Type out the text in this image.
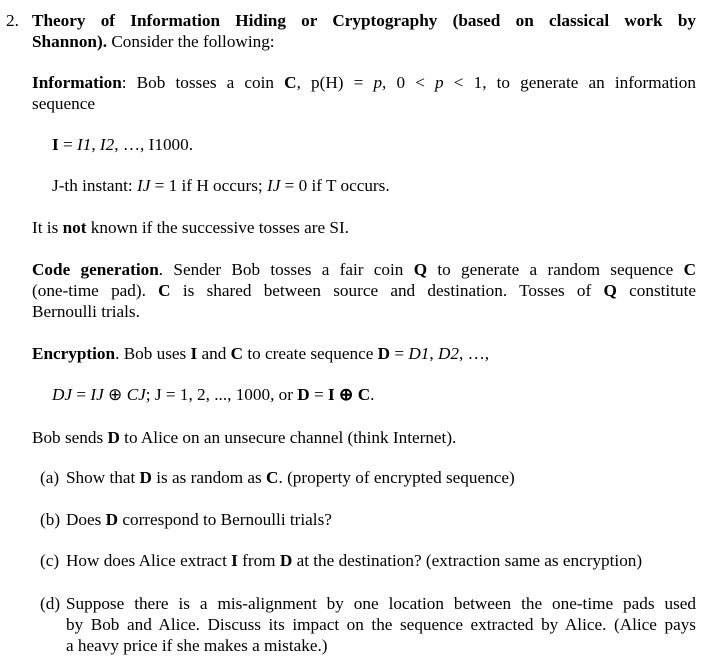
2. Theory of Information Hiding or Cryptography (based on classical work by
Shannon). Consider the following:
Information: Bob tosses a coin C, p(H) = p, 0 < p < 1, to generate an information
sequence
I = I1, I2, …, I1000.
J-th instant: IJ = 1 if H occurs; IJ = 0 if T occurs.
It is not known if the successive tosses are SI.
Code generation. Sender Bob tosses a fair coin Q to generate a random sequence C
(one-time pad). C is shared between source and destination. Tosses of Q constitute
Bernoulli trials.
Encryption. Bob uses I and C to create sequence D = D1, D2, …,
DJ = IJ ⊕ CJ; J = 1, 2, ..., 1000, or D = I ⊕ C.
Bob sends D to Alice on an unsecure channel (think Internet).
(a) Show that D is as random as C. (property of encrypted sequence)
(b) Does D correspond to Bernoulli trials?
(c) How does Alice extract I from D at the destination? (extraction same as encryption)
(d) Suppose there is a mis-alignment by one location between the one-time pads used
by Bob and Alice. Discuss its impact on the sequence extracted by Alice. (Alice pays
a heavy price if she makes a mistake.)
